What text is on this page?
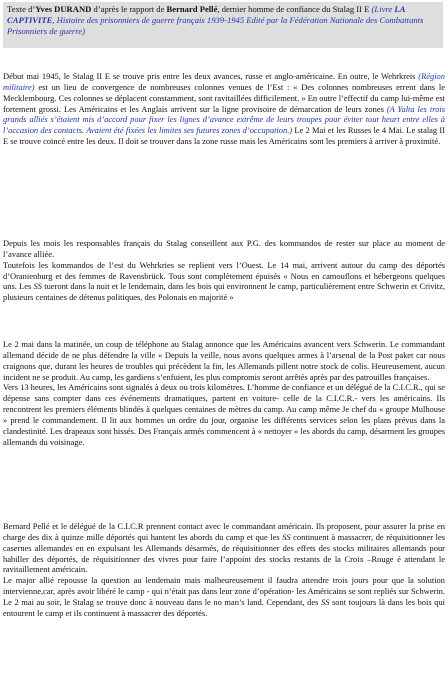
Texte d’Yves DURAND d’après le rapport de Bernard Pellé, dernier homme de confiance du Stalag II E (Livre LA CAPTIVITE, Histoire des prisonniers de guerre français 1939-1945 Edité par la Fédération Nationale des Combattants Prisonniers de guerre)

Début mai 1945, le Stalag II E se trouve pris entre les deux avances, russe et anglo-américaine. En outre, le Wehrkreis (Région militaire) est un lieu de convergence de nombreuses colonnes venues de l’Est : « Des colonnes nombreuses errent dans le Mecklembourg. Ces colonnes se déplacent constamment, sont ravitaillées difficilement. » En outre l’effectif du camp lui-même est fortement grossi. Les Américains et les Anglais arrivent sur la ligne provisoire de démarcation de leurs zones (A Yalta les trois grands alliés s’étaient mis d’accord pour fixer les lignes d’avance extrême de leurs troupes pour éviter tout heurt entre elles à l’occasion des contacts. Avaient été fixées les limites ses futures zones d’occupation.) Le 2 Mai et les Russes le 4 Mai. Le stalag II E se trouve coincé entre les deux. Il doit se trouver dans la zone russe mais les Américains sont les premiers à arriver à proximité.

Depuis les mois les responsables français du Stalag conseillent aux P.G. des kommandos de rester sur place au moment de l’avance alliée.

Toutefois les kommandos de l’est du Wehrkries se replient vers l’Ouest. Le 14 mai, arrivent autour du camp des déportés d’Oranienburg et des femmes de Ravensbrück. Tous sont complètement épuisés « Nous en camouflons et hébergeons quelques uns. Les SS tueront dans la nuit et le lendemain, dans les bois qui environnent le camp, particulièrement entre Schwerin et Crivitz, plusieurs centaines de détenus politiques, des Polonais en majorité »

Le 2 mai dans la matinée, un coup de téléphone au Stalag annonce que les Américains avancent vers Schwerin. Le commandant allemand décide de ne plus défendre la ville « Depuis la veille, nous avons quelques armes à l’arsenal de la Post paket car nous craignons que, durant les heures de troubles qui précèdent la fin, les Allemands pillent notre stock de colis. Heureusement, aucun incident ne se produit. Au camp, les gardiens s’enfuient, les plus compromis seront arrêtés après par des patrouilles françaises.

Vers 13 heures, les Américains sont signalés à deux ou trois kilomètres. L’homme de confiance et un délégué de la C.I.C.R., qui se dépense sans compter dans ces événements dramatiques, partent en voiture- celle de la C.I.C.R.- vers les américains. Ils rencontrent les premiers éléments blindés à quelques centaines de mètres du camp. Au camp même Je chef du « groupe Mulhouse » prend le commandement. Il lit aux hommes un ordre du jour, organise les différents services selon les plans prévus dans la clandestinité. Les drapeaux sont hissés. Des Français armés commencent à « nettoyer » les abords du camp, désarment les groupes allemands du voisinage.

Bernard Pellé et le délégué de la C.I.C.R prennent contact avec le commandant américain. Ils proposent, pour assurer la prise en charge des dix à quinze mille déportés qui hantent les abords du camp et que les SS continuent à massacrer, de réquisitionner les casernes allemandes en en expulsant les Allemands désarmés, de réquisitionner des effets des stocks militaires allemands pour habiller des déportés, de réquisitionner des vivres pour faire l’appoint des stocks restants de la Croix –Rouge é attendant le ravitaillement américain.

Le major allié repousse la question au lendemain mais malheureusement il faudra attendre trois jours pour que la solution intervienne,car, après avoir libéré le camp - qui n’était pas dans leur zone d’opération- les Américains se sont repliés sur Schwerin. Le 2 mai au soir, le Stalag se trouve donc à nouveau dans le no man’s land. Cependant, des SS sont toujours là dans les bois qui entourent le camp et ils continuent à massacrer des déportés.
